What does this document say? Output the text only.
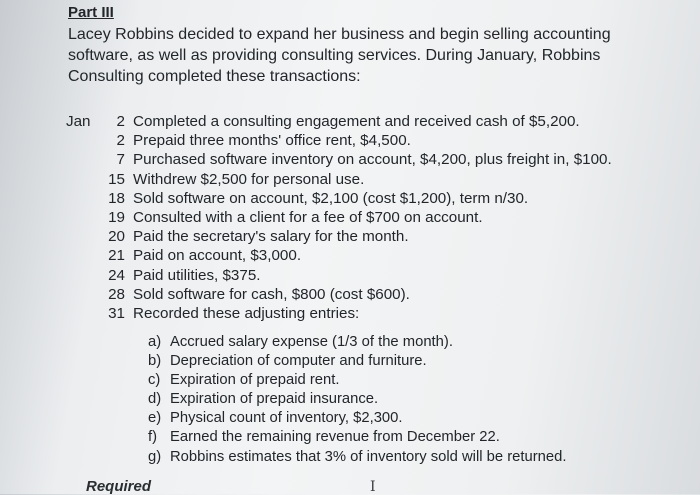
Part III
Lacey Robbins decided to expand her business and begin selling accounting
software, as well as providing consulting services. During January, Robbins
Consulting completed these transactions:
Jan 2 Completed a consulting engagement and received cash of $5,200.
2 Prepaid three months' office rent, $4,500.
7 Purchased software inventory on account, $4,200, plus freight in, $100.
15 Withdrew $2,500 for personal use.
18 Sold software on account, $2,100 (cost $1,200), term n/30.
19 Consulted with a client for a fee of $700 on account.
20 Paid the secretary's salary for the month.
21 Paid on account, $3,000.
24 Paid utilities, $375.
28 Sold software for cash, $800 (cost $600).
31 Recorded these adjusting entries:
a) Accrued salary expense (1/3 of the month).
b) Depreciation of computer and furniture.
c) Expiration of prepaid rent.
d) Expiration of prepaid insurance.
e) Physical count of inventory, $2,300.
f) Earned the remaining revenue from December 22.
g) Robbins estimates that 3% of inventory sold will be returned.
Required	I
